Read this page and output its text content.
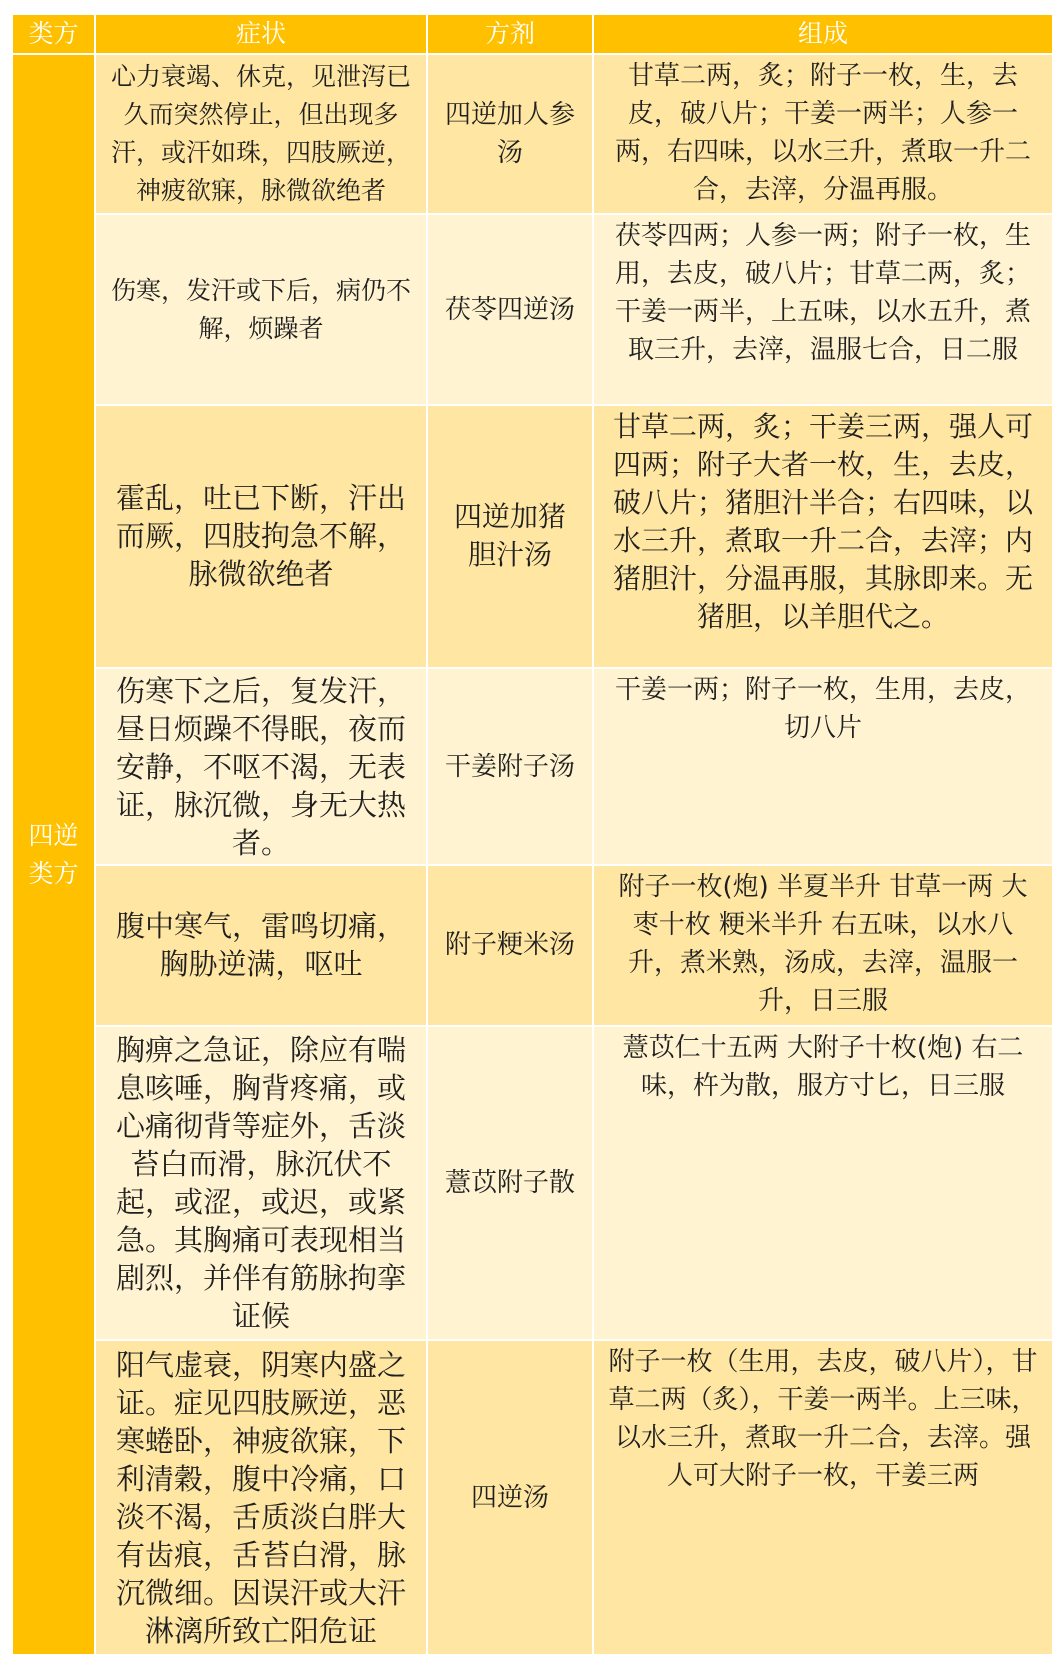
类方	症状	方剂	组成
四逆类方	心力衰竭、休克，见泄泻已久而突然停止，但出现多汗，或汗如珠，四肢厥逆，神疲欲寐，脉微欲绝者	四逆加人参汤	甘草二两，炙；附子一枚，生，去皮，破八片；干姜一两半；人参一两，右四味，以水三升，煮取一升二合，去滓，分温再服。
	伤寒，发汗或下后，病仍不解，烦躁者	茯苓四逆汤	茯苓四两；人参一两；附子一枚，生用，去皮，破八片；甘草二两，炙；干姜一两半，上五味，以水五升，煮取三升，去滓，温服七合，日二服
	霍乱，吐已下断，汗出而厥，四肢拘急不解，脉微欲绝者	四逆加猪胆汁汤	甘草二两，炙；干姜三两，强人可四两；附子大者一枚，生，去皮，破八片；猪胆汁半合；右四味，以水三升，煮取一升二合，去滓；内猪胆汁，分温再服，其脉即来。无猪胆，以羊胆代之。
	伤寒下之后，复发汗，昼日烦躁不得眠，夜而安静，不呕不渴，无表证，脉沉微，身无大热者。	干姜附子汤	干姜一两；附子一枚，生用，去皮，切八片
	腹中寒气，雷鸣切痛，胸胁逆满，呕吐	附子粳米汤	附子一枚(炮) 半夏半升 甘草一两 大枣十枚 粳米半升 右五味，以水八升，煮米熟，汤成，去滓，温服一升，日三服
	胸痹之急证，除应有喘息咳唾，胸背疼痛，或心痛彻背等症外，舌淡苔白而滑，脉沉伏不起，或涩，或迟，或紧急。其胸痛可表现相当剧烈，并伴有筋脉拘挛证候	薏苡附子散	薏苡仁十五两 大附子十枚(炮) 右二味，杵为散，服方寸匕，日三服
	阳气虚衰，阴寒内盛之证。症见四肢厥逆，恶寒蜷卧，神疲欲寐，下利清穀，腹中冷痛，口淡不渴，舌质淡白胖大有齿痕，舌苔白滑，脉沉微细。因误汗或大汗淋漓所致亡阳危证	四逆汤	附子一枚（生用，去皮，破八片），甘草二两（炙），干姜一两半。上三味，以水三升，煮取一升二合，去滓。强人可大附子一枚，干姜三两
